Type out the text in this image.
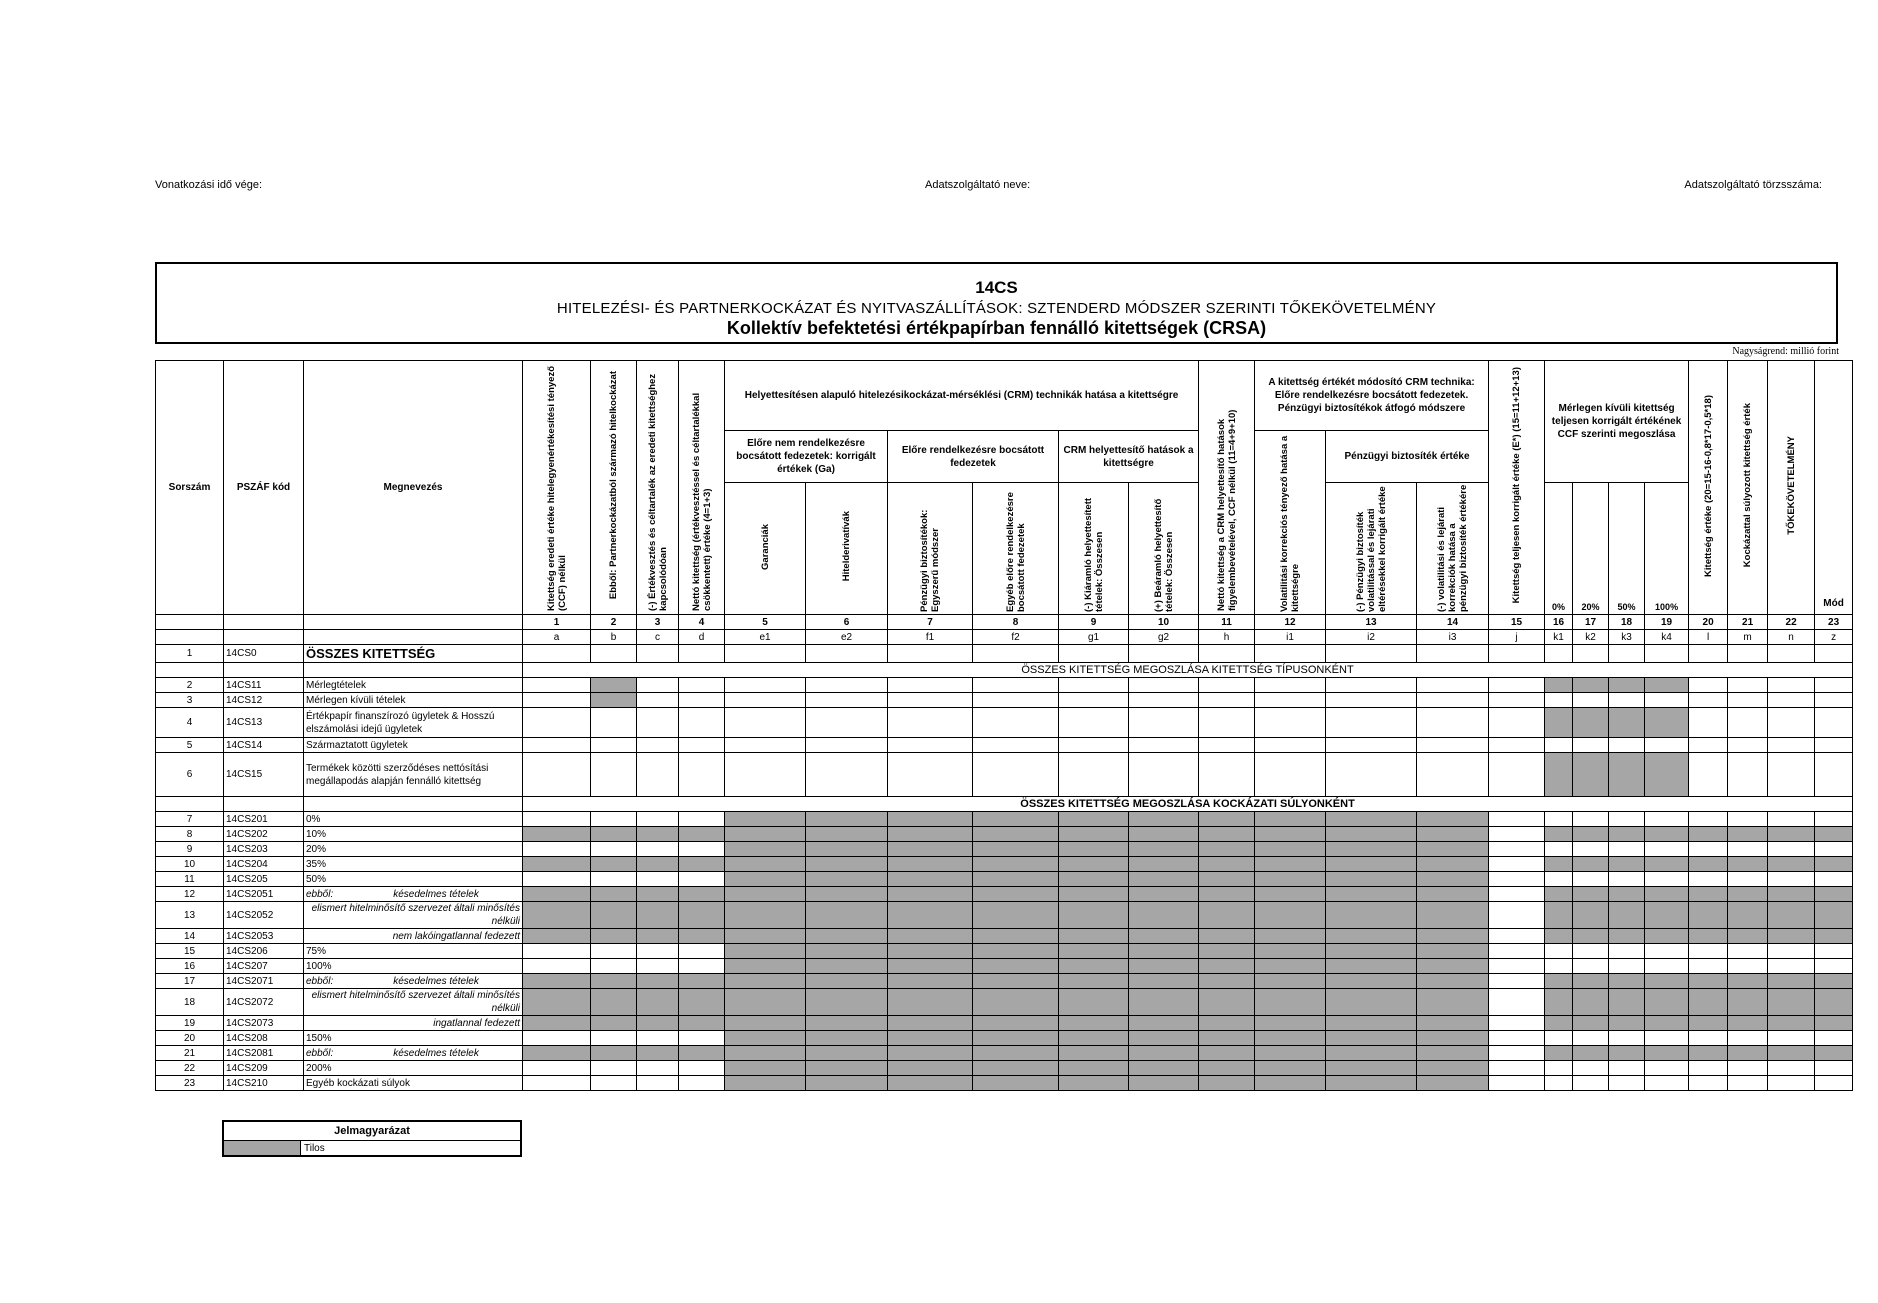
Vonatkozási idő vége:	Adatszolgáltató neve:	Adatszolgáltató törzsszáma:
14CS
HITELEZÉSI- ÉS PARTNERKOCKÁZAT ÉS NYITVASZÁLLÍTÁSOK: SZTENDERD MÓDSZER SZERINTI TŐKEKÖVETELMÉNY
Kollektív befektetési értékpapírban fennálló kitettségek (CRSA)
Nagyságrend: millió forint
Sorszám	PSZÁF kód	Megnevezés	Kitettség eredeti értéke hitelegyenértékesítési tényező (CCF) nélkül	Ebből: Partnerkockázatból származó hitelkockázat	(-) Értékvesztés és céltartalék az eredeti kitettséghez kapcsolódóan	Nettó kitettség (értékvesztéssel és céltartalékkal csökkentett) értéke (4=1+3)	Helyettesítésen alapuló hitelezésikockázat-mérséklési (CRM) technikák hatása a kitettségre						Nettó kitettség a CRM helyettesítő hatások figyelembevételével, CCF nélkül (11=4+9+10)	A kitettség értékét módosító CRM technika: Előre rendelkezésre bocsátott fedezetek. Pénzügyi biztosítékok átfogó módszere			Kitettség teljesen korrigált értéke (E*) (15=11+12+13)	Mérlegen kívüli kitettség teljesen korrigált értékének CCF szerinti megoszlása				Kitettség értéke (20=15-16-0,8*17-0,5*18)	Kockázattal súlyozott kitettség érték	TŐKEKÖVETELMÉNY	Mód
							Előre nem rendelkezésre bocsátott fedezetek: korrigált értékek (Ga)		Előre rendelkezésre bocsátott fedezetek		CRM helyettesítő hatások a kitettségre			Volatilitási korrekciós tényező hatása a kitettségre	Pénzügyi biztosíték értéke										

							Garanciák	Hitelderivatívák	Pénzügyi biztosítékok: Egyszerű módszer	Egyéb előre rendelkezésre bocsátott fedezetek	(-) Kiáramló helyettesített tételek: Összesen	(+) Beáramló helyettesítő tételek: Összesen			(-) Pénzügyi biztosíték volatilitással és lejárati eltérésekkel korrigált értéke	(-) volatilitási és lejárati korrekciók hatása a pénzügyi biztosíték értékére		0%	20%	50%	100%				
			1	2	3	4	5	6	7	8	9	10	11	12	13	14	15	16	17	18	19	20	21	22	23
			a	b	c	d	e1	e2	f1	f2	g1	g2	h	i1	i2	i3	j	k1	k2	k3	k4	l	m	n	z
1	14CS0	ÖSSZES KITETTSÉG																							
			ÖSSZES KITETTSÉG MEGOSZLÁSA KITETTSÉG TÍPUSONKÉNT																						
2	14CS11	Mérlegtételek																							
3	14CS12	Mérlegen kívüli tételek																							
4	14CS13	Értékpapír finanszírozó ügyletek & Hosszú elszámolási idejű ügyletek																							
5	14CS14	Származtatott ügyletek																							
6	14CS15	Termékek közötti szerződéses nettósítási megállapodás alapján fennálló kitettség																							
			ÖSSZES KITETTSÉG MEGOSZLÁSA KOCKÁZATI SÚLYONKÉNT																						
7	14CS201	0%																							
8	14CS202	10%																							
9	14CS203	20%																							
10	14CS204	35%																							
11	14CS205	50%																							
12	14CS2051	ebből: késedelmes tételek																							
13	14CS2052	elismert hitelminősítő szervezet általi minősítés nélküli																							
14	14CS2053	nem lakóingatlannal fedezett																							
15	14CS206	75%																							
16	14CS207	100%																							
17	14CS2071	ebből: késedelmes tételek																							
18	14CS2072	elismert hitelminősítő szervezet általi minősítés nélküli																							
19	14CS2073	ingatlannal fedezett																							
20	14CS208	150%																							
21	14CS2081	ebből: késedelmes tételek																							
22	14CS209	200%																							
23	14CS210	Egyéb kockázati súlyok																							
Jelmagyarázat
	Tilos
